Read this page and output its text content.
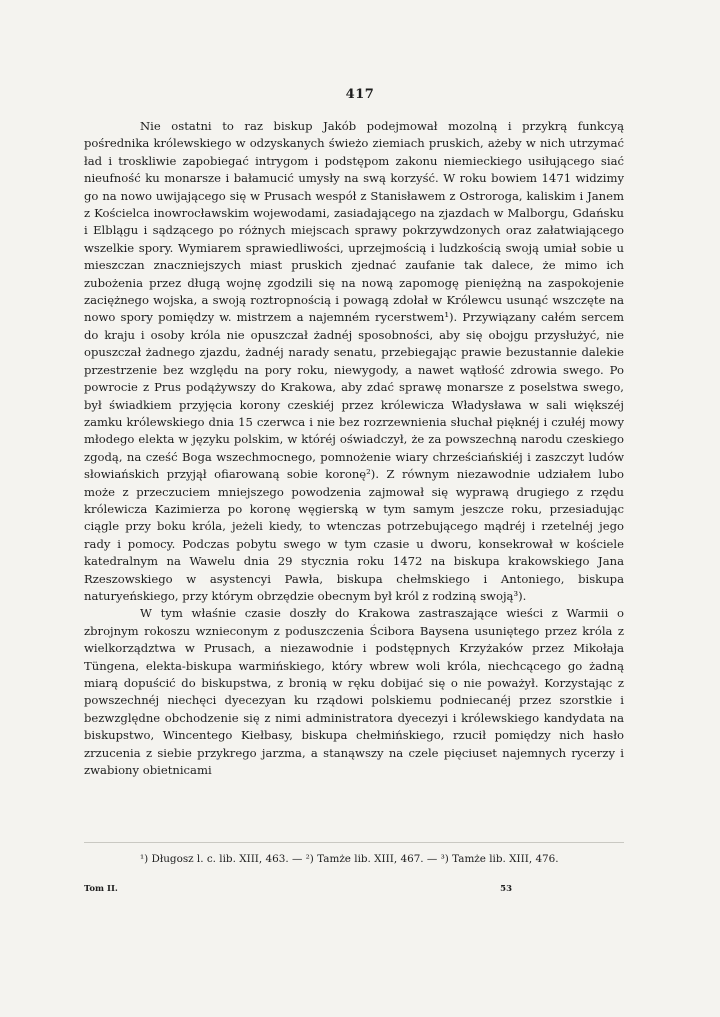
417

Nie ostatni to raz biskup Jakób podejmował mozolną i przykrą funkcyą pośrednika królewskiego w odzyskanych świeżo ziemiach pruskich, ażeby w nich utrzymać ład i troskliwie zapobiegać intrygom i podstępom zakonu niemieckiego usiłującego siać nieufność ku monarsze i bałamucić umysły na swą korzyść. W roku bowiem 1471 widzimy go na nowo uwijającego się w Prusach wespół z Stanisławem z Ostroroga, kaliskim i Janem z Kościelca inowrocławskim wojewodami, zasiadającego na zjazdach w Malborgu, Gdańsku i Elblągu i sądzącego po różnych miejscach sprawy pokrzywdzonych oraz załatwiającego wszelkie spory. Wymiarem sprawiedliwości, uprzejmością i ludzkością swoją umiał sobie u mieszczan znaczniejszych miast pruskich zjednać zaufanie tak dalece, że mimo ich zubożenia przez długą wojnę zgodzili się na nową zapomogę pieniężną na zaspokojenie zaciężnego wojska, a swoją roztropnością i powagą zdołał w Królewcu usunąć wszczęte na nowo spory pomiędzy w. mistrzem a najemném rycerstwem¹). Przywiązany całém sercem do kraju i osoby króla nie opuszczał żadnéj sposobności, aby się obojgu przysłużyć, nie opuszczał żadnego zjazdu, żadnéj narady senatu, przebiegając prawie bezustannie dalekie przestrzenie bez względu na pory roku, niewygody, a nawet wątłość zdrowia swego. Po powrocie z Prus podążywszy do Krakowa, aby zdać sprawę monarsze z poselstwa swego, był świadkiem przyjęcia korony czeskiéj przez królewicza Władysława w sali większéj zamku królewskiego dnia 15 czerwca i nie bez rozrzewnienia słuchał pięknéj i czułéj mowy młodego elekta w języku polskim, w któréj oświadczył, że za powszechną narodu czeskiego zgodą, na cześć Boga wszechmocnego, pomnożenie wiary chrześciańskiéj i zaszczyt ludów słowiańskich przyjął ofiarowaną sobie koronę²). Z równym niezawodnie udziałem lubo może z przeczuciem mniejszego powodzenia zajmował się wyprawą drugiego z rzędu królewicza Kazimierza po koronę węgierską w tym samym jeszcze roku, przesiadując ciągle przy boku króla, jeżeli kiedy, to wtenczas potrzebującego mądréj i rzetelnéj jego rady i pomocy. Podczas pobytu swego w tym czasie u dworu, konsekrował w kościele katedralnym na Wawelu dnia 29 stycznia roku 1472 na biskupa krakowskiego Jana Rzeszowskiego w asystencyi Pawła, biskupa chełmskiego i Antoniego, biskupa naturyeńskiego, przy którym obrzędzie obecnym był król z rodziną swoją³).

W tym właśnie czasie doszły do Krakowa zastraszające wieści z Warmii o zbrojnym rokoszu wznieconym z poduszczenia Ścibora Baysena usuniętego przez króla z wielkorządztwa w Prusach, a niezawodnie i podstępnych Krzyżaków przez Mikołaja Tüngena, elekta-biskupa warmińskiego, który wbrew woli króla, niechcącego go żadną miarą dopuścić do biskupstwa, z bronią w ręku dobijać się o nie poważył. Korzystając z powszechnéj niechęci dyecezyan ku rządowi polskiemu podniecanéj przez szorstkie i bezwzględne obchodzenie się z nimi administratora dyecezyi i królewskiego kandydata na biskupstwo, Wincentego Kiełbasy, biskupa chełmińskiego, rzucił pomiędzy nich hasło zrzucenia z siebie przykrego jarzma, a stanąwszy na czele pięciuset najemnych rycerzy i zwabiony obietnicami

¹) Długosz l. c. lib. XIII, 463. — ²) Tamże lib. XIII, 467. — ³) Tamże lib. XIII, 476.

Tom II.	53
